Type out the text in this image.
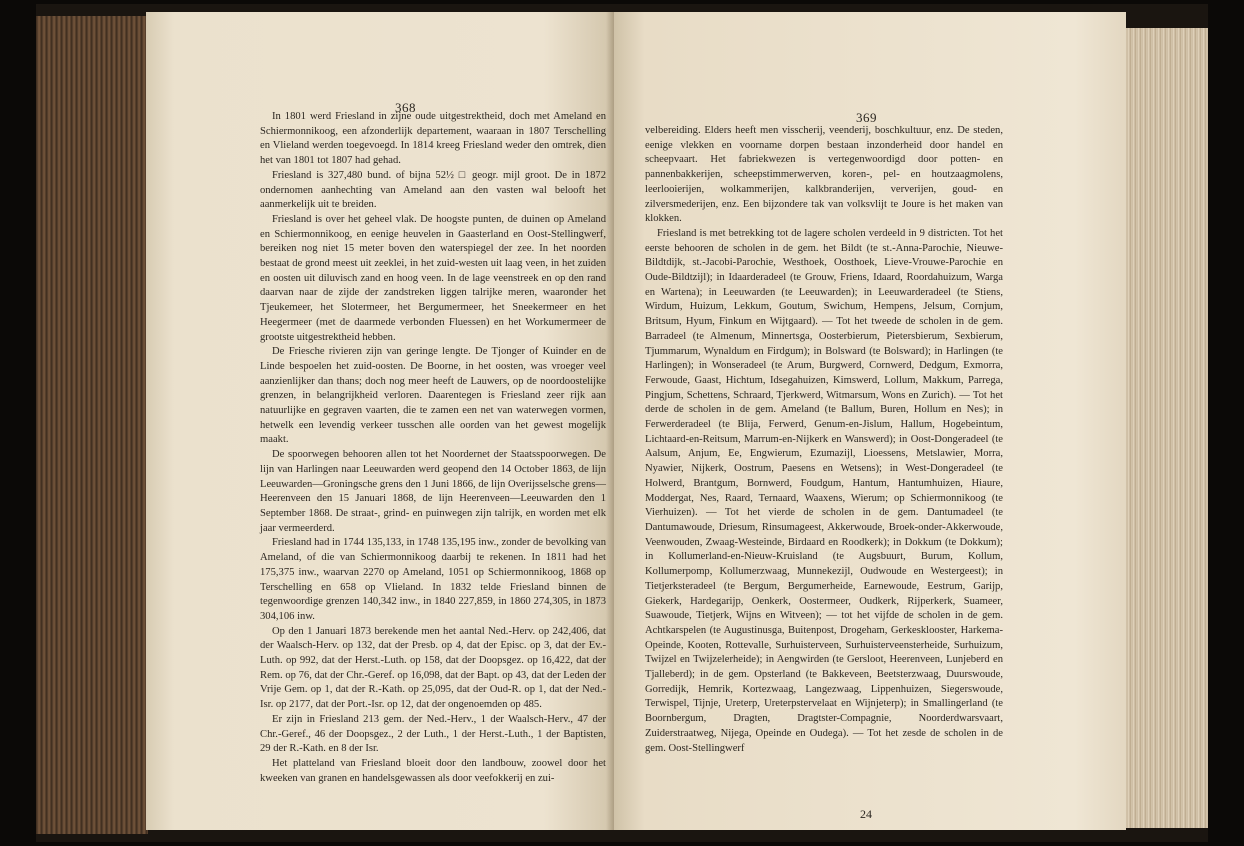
368

In 1801 werd Friesland in zijne oude uitgestrektheid, doch met Ameland en Schiermonnikoog, een afzonderlijk departement, waaraan in 1807 Terschelling en Vlieland werden toegevoegd. In 1814 kreeg Friesland weder den omtrek, dien het van 1801 tot 1807 had gehad.

Friesland is 327,480 bund. of bijna 52½ □ geogr. mijl groot. De in 1872 ondernomen aanhechting van Ameland aan den vasten wal belooft het aanmerkelijk uit te breiden.

Friesland is over het geheel vlak. De hoogste punten, de duinen op Ameland en Schiermonnikoog, en eenige heuvelen in Gaasterland en Oost-Stellingwerf, bereiken nog niet 15 meter boven den waterspiegel der zee. In het noorden bestaat de grond meest uit zeeklei, in het zuid-westen uit laag veen, in het zuiden en oosten uit diluvisch zand en hoog veen. In de lage veenstreek en op den rand daarvan naar de zijde der zandstreken liggen talrijke meren, waaronder het Tjeukemeer, het Slotermeer, het Bergumermeer, het Sneekermeer en het Heegermeer (met de daarmede verbonden Fluessen) en het Workumermeer de grootste uitgestrektheid hebben.

De Friesche rivieren zijn van geringe lengte. De Tjonger of Kuinder en de Linde bespoelen het zuid-oosten. De Boorne, in het oosten, was vroeger veel aanzienlijker dan thans; doch nog meer heeft de Lauwers, op de noordoostelijke grenzen, in belangrijkheid verloren. Daarentegen is Friesland zeer rijk aan natuurlijke en gegraven vaarten, die te zamen een net van waterwegen vormen, hetwelk een levendig verkeer tusschen alle oorden van het gewest mogelijk maakt.

De spoorwegen behooren allen tot het Noordernet der Staatsspoorwegen. De lijn van Harlingen naar Leeuwarden werd geopend den 14 October 1863, de lijn Leeuwarden—Groningsche grens den 1 Juni 1866, de lijn Overijsselsche grens—Heerenveen den 15 Januari 1868, de lijn Heerenveen—Leeuwarden den 1 September 1868. De straat-, grind- en puinwegen zijn talrijk, en worden met elk jaar vermeerderd.

Friesland had in 1744 135,133, in 1748 135,195 inw., zonder de bevolking van Ameland, of die van Schiermonnikoog daarbij te rekenen. In 1811 had het 175,375 inw., waarvan 2270 op Ameland, 1051 op Schiermonnikoog, 1868 op Terschelling en 658 op Vlieland. In 1832 telde Friesland binnen de tegenwoordige grenzen 140,342 inw., in 1840 227,859, in 1860 274,305, in 1873 304,106 inw.

Op den 1 Januari 1873 berekende men het aantal Ned.-Herv. op 242,406, dat der Waalsch-Herv. op 132, dat der Presb. op 4, dat der Episc. op 3, dat der Ev.-Luth. op 992, dat der Herst.-Luth. op 158, dat der Doopsgez. op 16,422, dat der Rem. op 76, dat der Chr.-Geref. op 16,098, dat der Bapt. op 43, dat der Leden der Vrije Gem. op 1, dat der R.-Kath. op 25,095, dat der Oud-R. op 1, dat der Ned.-Isr. op 2177, dat der Port.-Isr. op 12, dat der ongenoemden op 485.

Er zijn in Friesland 213 gem. der Ned.-Herv., 1 der Waalsch-Herv., 47 der Chr.-Geref., 46 der Doopsgez., 2 der Luth., 1 der Herst.-Luth., 1 der Baptisten, 29 der R.-Kath. en 8 der Isr.

Het platteland van Friesland bloeit door den landbouw, zoowel door het kweeken van granen en handelsgewassen als door veefokkerij en zui-

369

velbereiding. Elders heeft men visscherij, veenderij, boschkultuur, enz. De steden, eenige vlekken en voorname dorpen bestaan inzonderheid door handel en scheepvaart. Het fabriekwezen is vertegenwoordigd door potten- en pannenbakkerijen, scheepstimmerwerven, koren-, pel- en houtzaagmolens, leerlooierijen, wolkammerijen, kalkbranderijen, ververijen, goud- en zilversmederijen, enz. Een bijzondere tak van volksvlijt te Joure is het maken van klokken.

Friesland is met betrekking tot de lagere scholen verdeeld in 9 districten. Tot het eerste behooren de scholen in de gem. het Bildt (te st.-Anna-Parochie, Nieuwe-Bildtdijk, st.-Jacobi-Parochie, Westhoek, Oosthoek, Lieve-Vrouwe-Parochie en Oude-Bildtzijl); in Idaarderadeel (te Grouw, Friens, Idaard, Roordahuizum, Warga en Wartena); in Leeuwarden (te Leeuwarden); in Leeuwarderadeel (te Stiens, Wirdum, Huizum, Lekkum, Goutum, Swichum, Hempens, Jelsum, Cornjum, Britsum, Hyum, Finkum en Wijtgaard). — Tot het tweede de scholen in de gem. Barradeel (te Almenum, Minnertsga, Oosterbierum, Pietersbierum, Sexbierum, Tjummarum, Wynaldum en Firdgum); in Bolsward (te Bolsward); in Harlingen (te Harlingen); in Wonseradeel (te Arum, Burgwerd, Cornwerd, Dedgum, Exmorra, Ferwoude, Gaast, Hichtum, Idsegahuizen, Kimswerd, Lollum, Makkum, Parrega, Pingjum, Schettens, Schraard, Tjerkwerd, Witmarsum, Wons en Zurich). — Tot het derde de scholen in de gem. Ameland (te Ballum, Buren, Hollum en Nes); in Ferwerderadeel (te Blija, Ferwerd, Genum-en-Jislum, Hallum, Hogebeintum, Lichtaard-en-Reitsum, Marrum-en-Nijkerk en Wanswerd); in Oost-Dongeradeel (te Aalsum, Anjum, Ee, Engwierum, Ezumazijl, Lioessens, Metslawier, Morra, Nyawier, Nijkerk, Oostrum, Paesens en Wetsens); in West-Dongeradeel (te Holwerd, Brantgum, Bornwerd, Foudgum, Hantum, Hantumhuizen, Hiaure, Moddergat, Nes, Raard, Ternaard, Waaxens, Wierum; op Schiermonnikoog (te Vierhuizen). — Tot het vierde de scholen in de gem. Dantumadeel (te Dantumawoude, Driesum, Rinsumageest, Akkerwoude, Broek-onder-Akkerwoude, Veenwouden, Zwaag-Westeinde, Birdaard en Roodkerk); in Dokkum (te Dokkum); in Kollumerland-en-Nieuw-Kruisland (te Augsbuurt, Burum, Kollum, Kollumerpomp, Kollumerzwaag, Munnekezijl, Oudwoude en Westergeest); in Tietjerksteradeel (te Bergum, Bergumerheide, Earnewoude, Eestrum, Garijp, Giekerk, Hardegarijp, Oenkerk, Oostermeer, Oudkerk, Rijperkerk, Suameer, Suawoude, Tietjerk, Wijns en Witveen); — tot het vijfde de scholen in de gem. Achtkarspelen (te Augustinusga, Buitenpost, Drogeham, Gerkesklooster, Harkema-Opeinde, Kooten, Rottevalle, Surhuisterveen, Surhuisterveensterheide, Surhuizum, Twijzel en Twijzelerheide); in Aengwirden (te Gersloot, Heerenveen, Lunjeberd en Tjalleberd); in de gem. Opsterland (te Bakkeveen, Beetsterzwaag, Duurswoude, Gorredijk, Hemrik, Kortezwaag, Langezwaag, Lippenhuizen, Siegerswoude, Terwispel, Tijnje, Ureterp, Ureterpstervelaat en Wijnjeterp); in Smallingerland (te Boornbergum, Dragten, Dragtster-Compagnie, Noorderdwarsvaart, Zuiderstraatweg, Nijega, Opeinde en Oudega). — Tot het zesde de scholen in de gem. Oost-Stellingwerf

24
